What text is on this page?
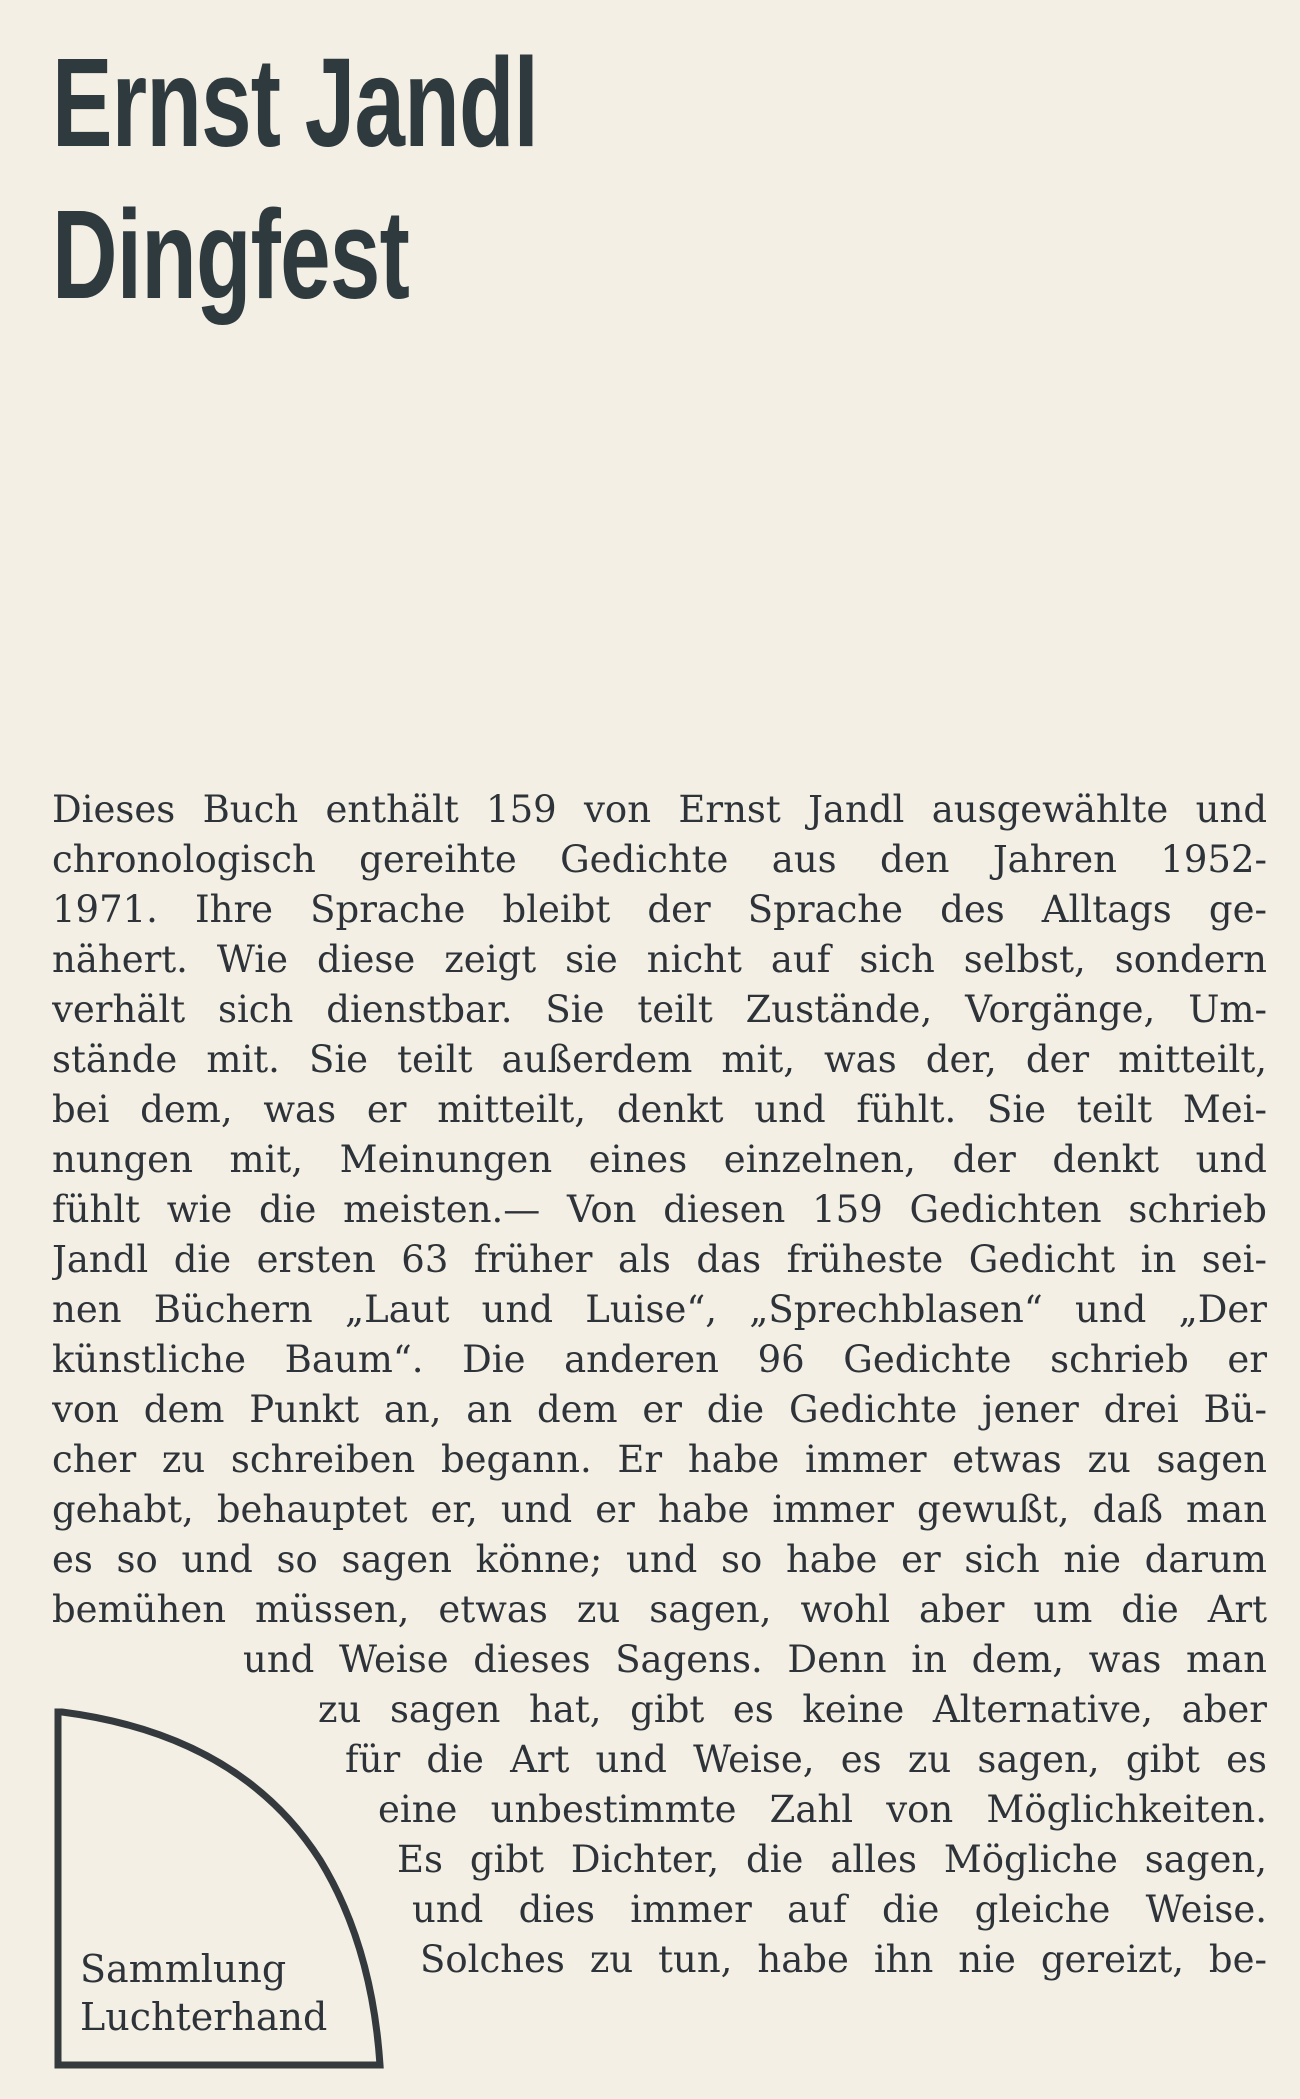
Ernst Jandl
Dingfest
Dieses Buch enthält 159 von Ernst Jandl ausgewählte und
chronologisch gereihte Gedichte aus den Jahren 1952-
1971. Ihre Sprache bleibt der Sprache des Alltags ge-
nähert. Wie diese zeigt sie nicht auf sich selbst, sondern
verhält sich dienstbar. Sie teilt Zustände, Vorgänge, Um-
stände mit. Sie teilt außerdem mit, was der, der mitteilt,
bei dem, was er mitteilt, denkt und fühlt. Sie teilt Mei-
nungen mit, Meinungen eines einzelnen, der denkt und
fühlt wie die meisten.— Von diesen 159 Gedichten schrieb
Jandl die ersten 63 früher als das früheste Gedicht in sei-
nen Büchern „Laut und Luise“, „Sprechblasen“ und „Der
künstliche Baum“. Die anderen 96 Gedichte schrieb er
von dem Punkt an, an dem er die Gedichte jener drei Bü-
cher zu schreiben begann. Er habe immer etwas zu sagen
gehabt, behauptet er, und er habe immer gewußt, daß man
es so und so sagen könne; und so habe er sich nie darum
bemühen müssen, etwas zu sagen, wohl aber um die Art
und Weise dieses Sagens. Denn in dem, was man
zu sagen hat, gibt es keine Alternative, aber
für die Art und Weise, es zu sagen, gibt es
eine unbestimmte Zahl von Möglichkeiten.
Es gibt Dichter, die alles Mögliche sagen,
und dies immer auf die gleiche Weise.
Solches zu tun, habe ihn nie gereizt, be-
Sammlung
Luchterhand
